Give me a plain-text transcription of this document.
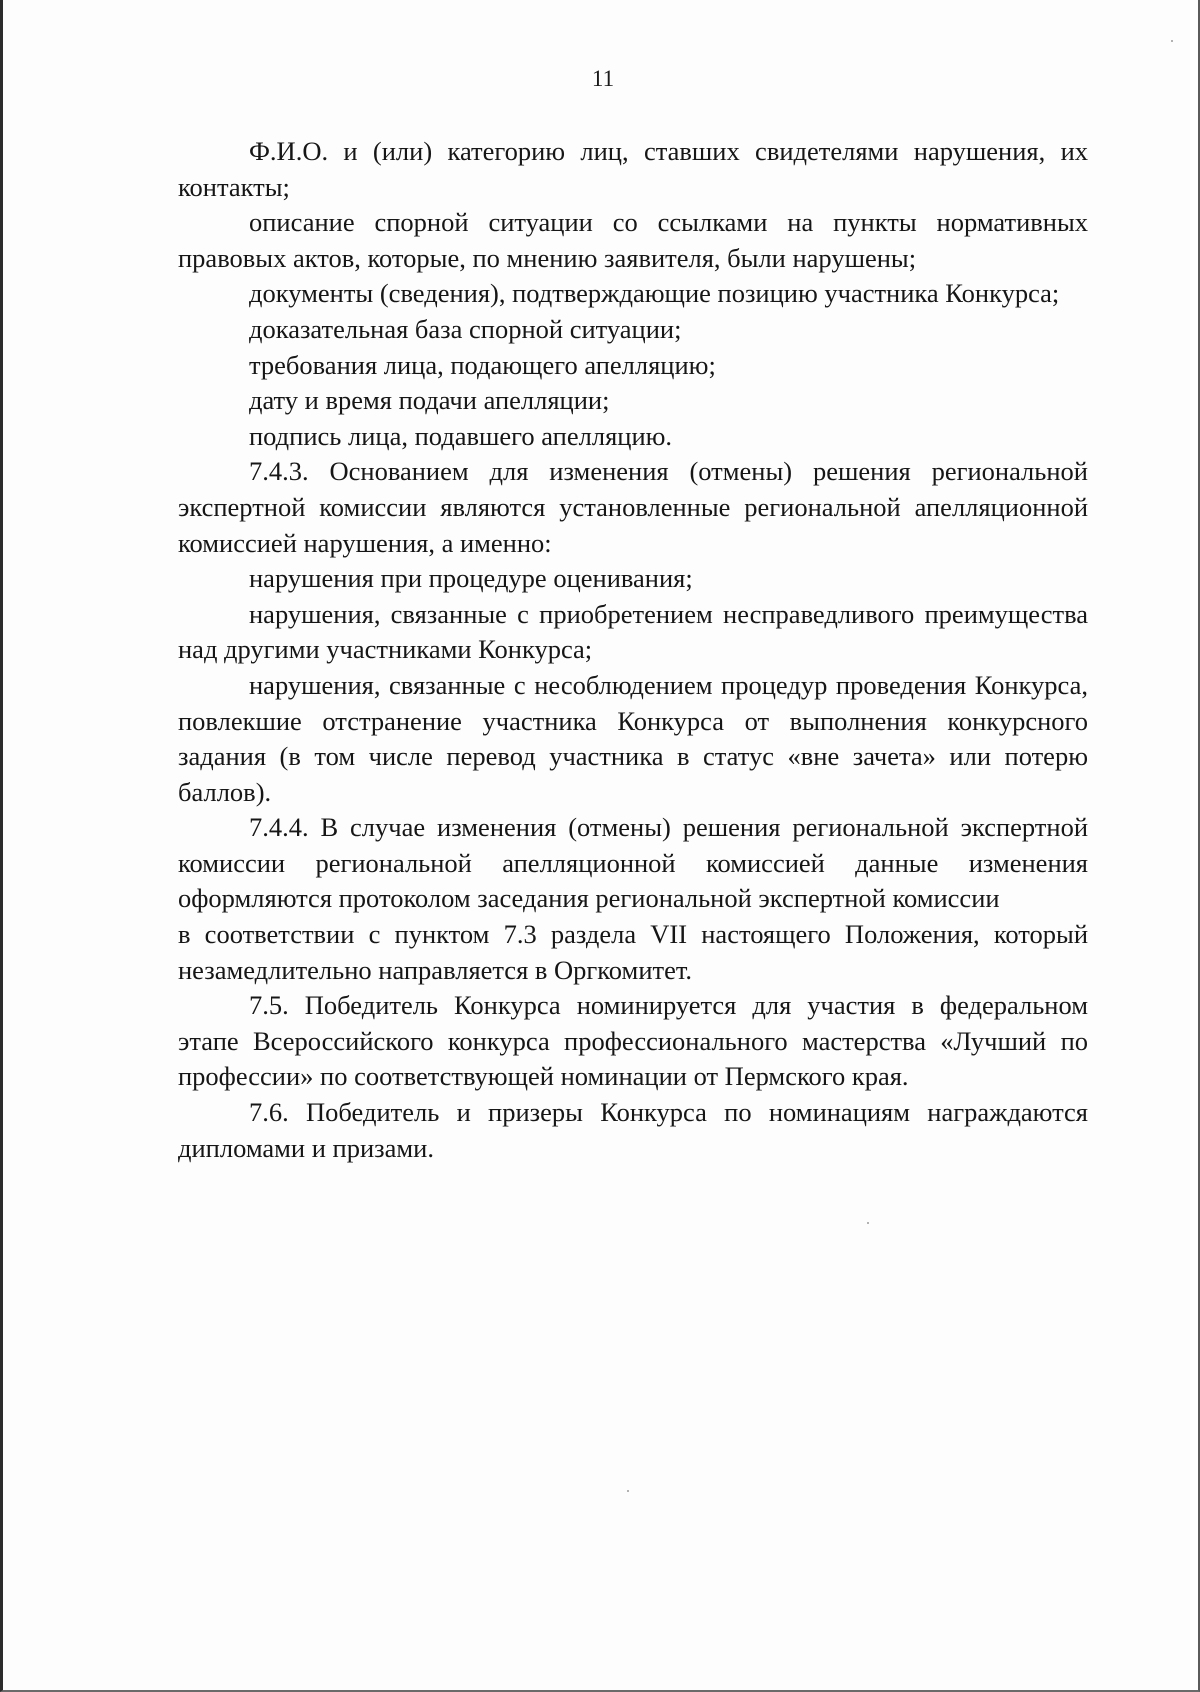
11

Ф.И.О. и (или) категорию лиц, ставших свидетелями нарушения, их контакты;

описание спорной ситуации со ссылками на пункты нормативных правовых актов, которые, по мнению заявителя, были нарушены;

документы (сведения), подтверждающие позицию участника Конкурса;

доказательная база спорной ситуации;

требования лица, подающего апелляцию;

дату и время подачи апелляции;

подпись лица, подавшего апелляцию.

7.4.3. Основанием для изменения (отмены) решения региональной экспертной комиссии являются установленные региональной апелляционной комиссией нарушения, а именно:

нарушения при процедуре оценивания;

нарушения, связанные с приобретением несправедливого преимущества над другими участниками Конкурса;

нарушения, связанные с несоблюдением процедур проведения Конкурса, повлекшие отстранение участника Конкурса от выполнения конкурсного задания (в том числе перевод участника в статус «вне зачета» или потерю баллов).

7.4.4. В случае изменения (отмены) решения региональной экспертной комиссии региональной апелляционной комиссией данные изменения оформляются протоколом заседания региональной экспертной комиссии

в соответствии с пунктом 7.3 раздела VII настоящего Положения, который незамедлительно направляется в Оргкомитет.

7.5. Победитель Конкурса номинируется для участия в федеральном этапе Всероссийского конкурса профессионального мастерства «Лучший по профессии» по соответствующей номинации от Пермского края.

7.6. Победитель и призеры Конкурса по номинациям награждаются дипломами и призами.
